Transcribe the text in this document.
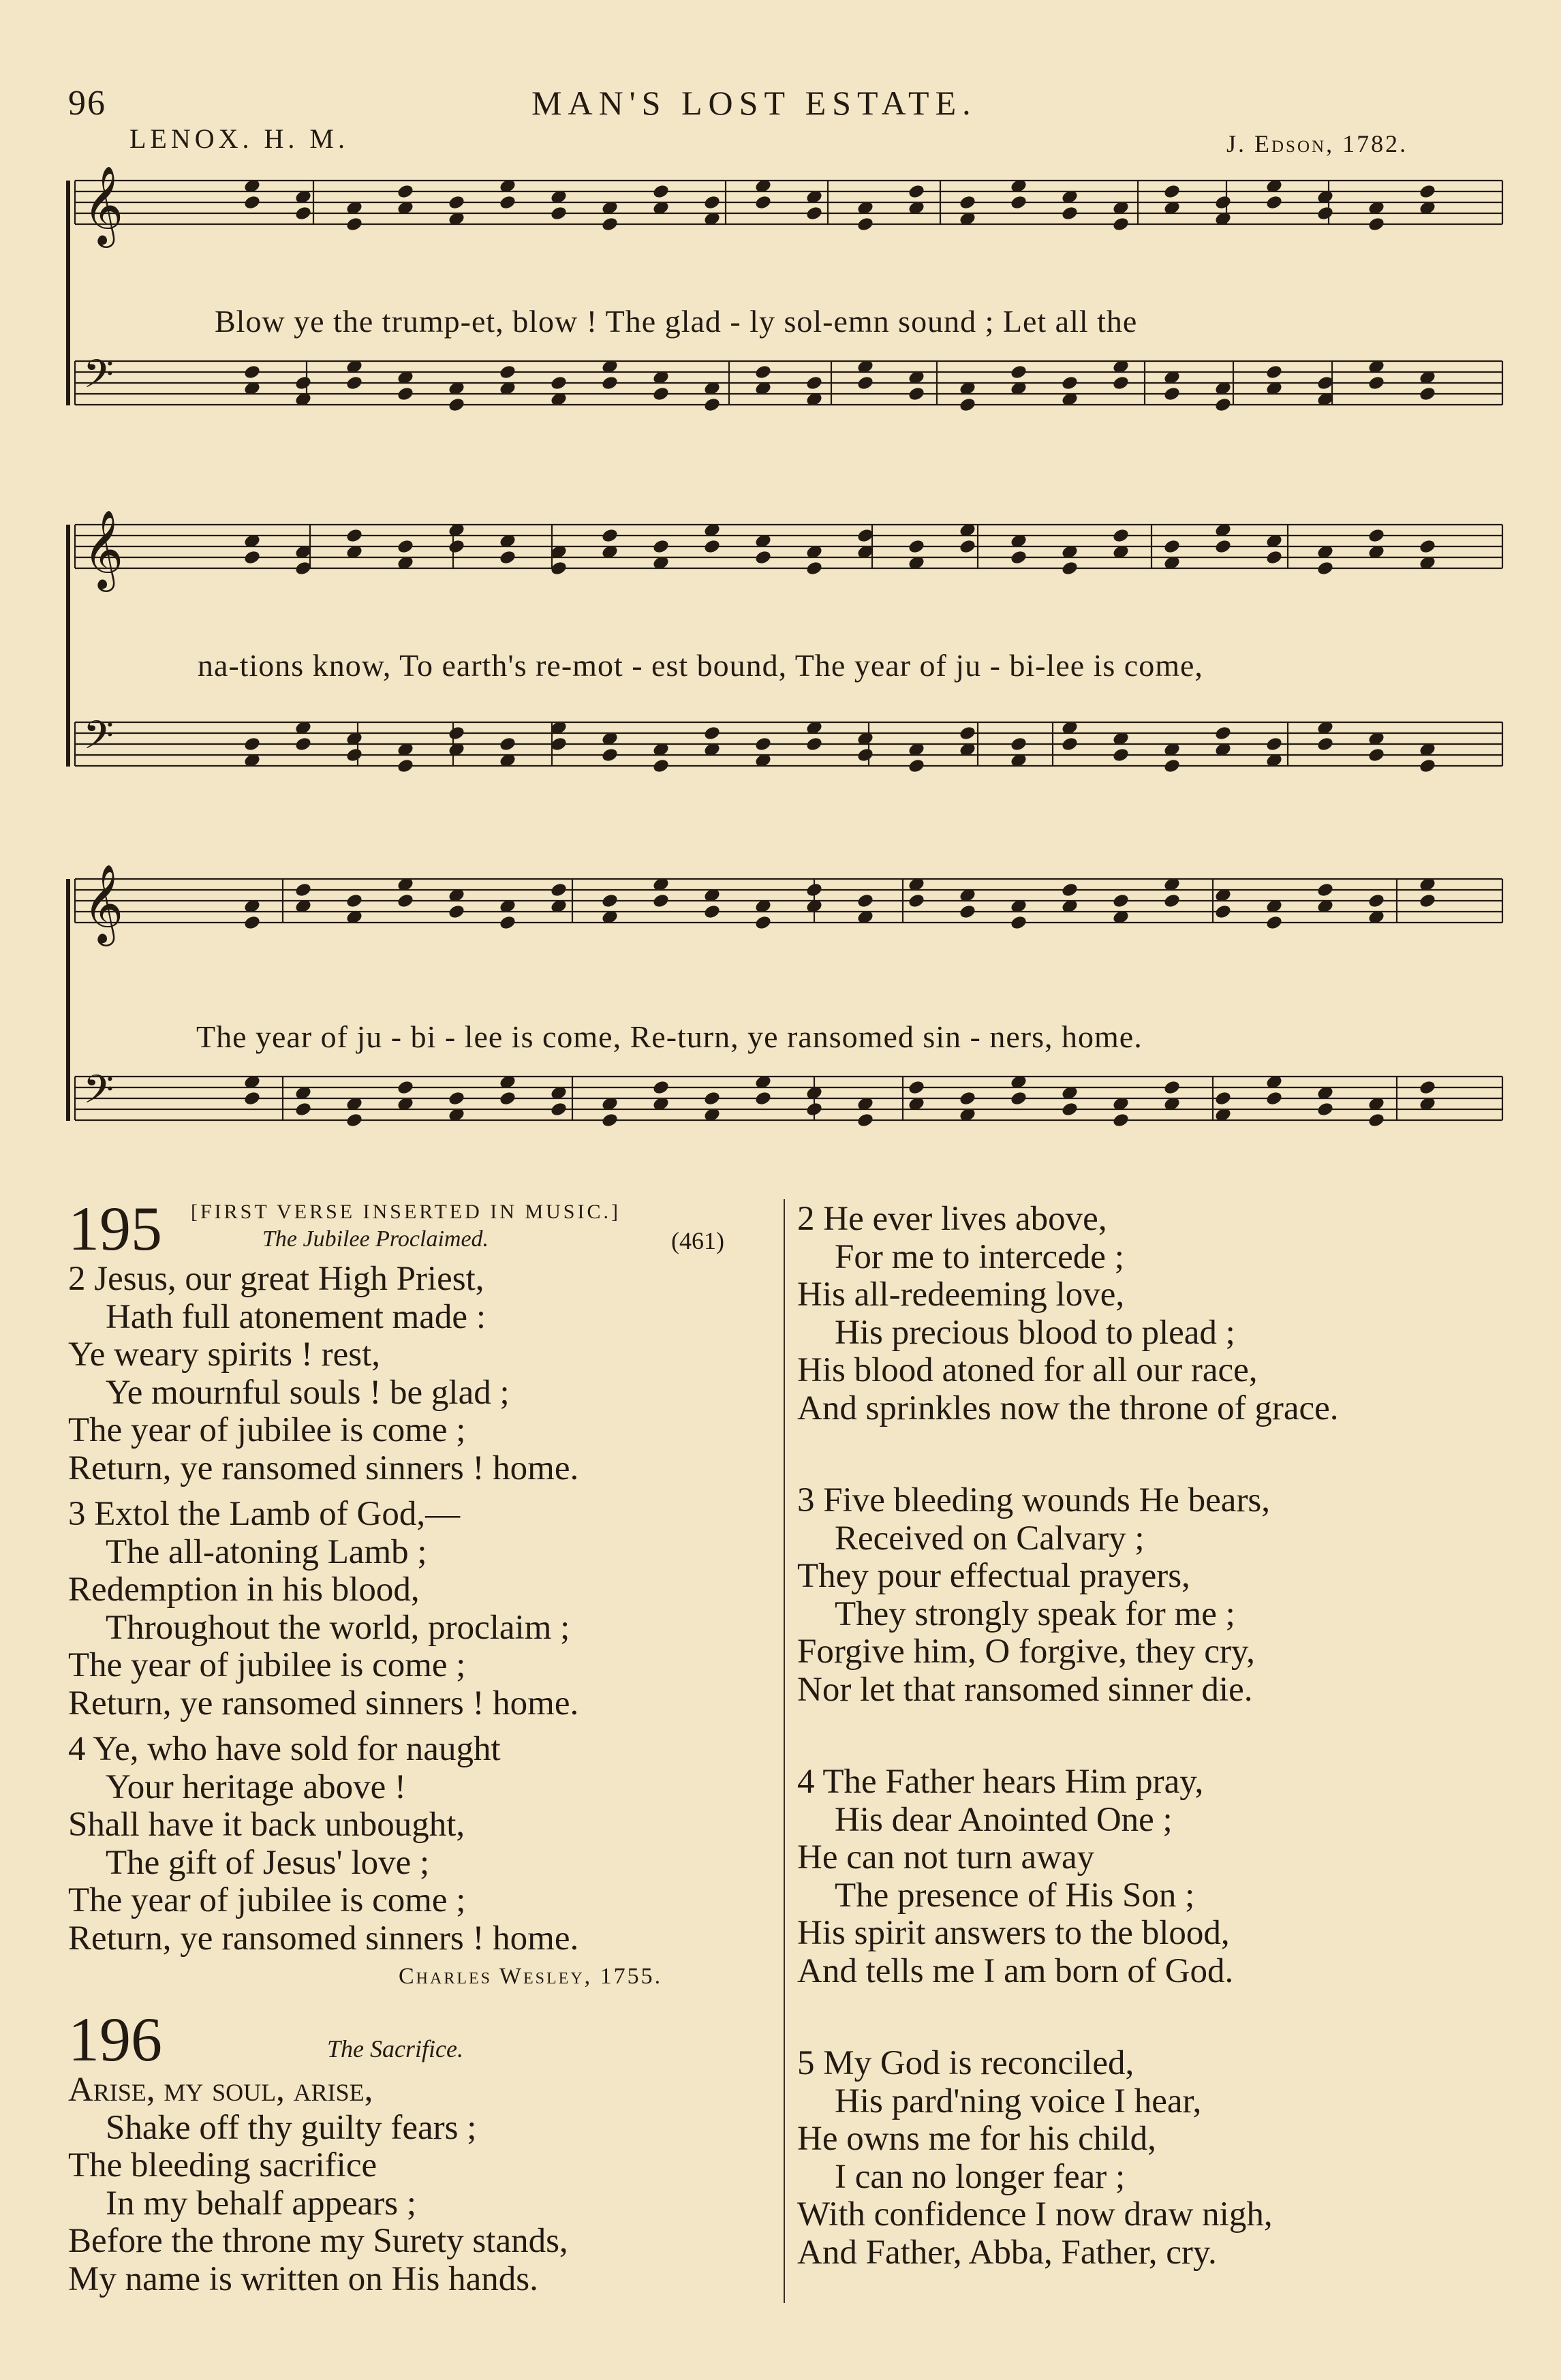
96	MAN'S LOST ESTATE.
LENOX. H. M.	J. Edson, 1782.
𝄞
𝄢
𝄞
𝄢
𝄞
𝄢
Blow ye the trump-et, blow ! The glad - ly sol-emn sound ; Let all the
na-tions know, To earth's re-mot - est bound, The year of ju - bi-lee is come,
The year of ju - bi - lee is come, Re-turn, ye ransomed sin - ners, home.
195 [FIRST VERSE INSERTED IN MUSIC.]
The Jubilee Proclaimed.	(461)
2 Jesus, our great High Priest,
Hath full atonement made :
Ye weary spirits ! rest,
Ye mournful souls ! be glad ;
The year of jubilee is come ;
Return, ye ransomed sinners ! home.
3 Extol the Lamb of God,—
The all-atoning Lamb ;
Redemption in his blood,
Throughout the world, proclaim ;
The year of jubilee is come ;
Return, ye ransomed sinners ! home.
4 Ye, who have sold for naught
Your heritage above !
Shall have it back unbought,
The gift of Jesus' love ;
The year of jubilee is come ;
Return, ye ransomed sinners ! home.
Charles Wesley, 1755.
196	The Sacrifice.
Arise, my soul, arise,
Shake off thy guilty fears ;
The bleeding sacrifice
In my behalf appears ;
Before the throne my Surety stands,
My name is written on His hands.
2 He ever lives above,
For me to intercede ;
His all-redeeming love,
His precious blood to plead ;
His blood atoned for all our race,
And sprinkles now the throne of grace.
3 Five bleeding wounds He bears,
Received on Calvary ;
They pour effectual prayers,
They strongly speak for me ;
Forgive him, O forgive, they cry,
Nor let that ransomed sinner die.
4 The Father hears Him pray,
His dear Anointed One ;
He can not turn away
The presence of His Son ;
His spirit answers to the blood,
And tells me I am born of God.
5 My God is reconciled,
His pard'ning voice I hear,
He owns me for his child,
I can no longer fear ;
With confidence I now draw nigh,
And Father, Abba, Father, cry.
